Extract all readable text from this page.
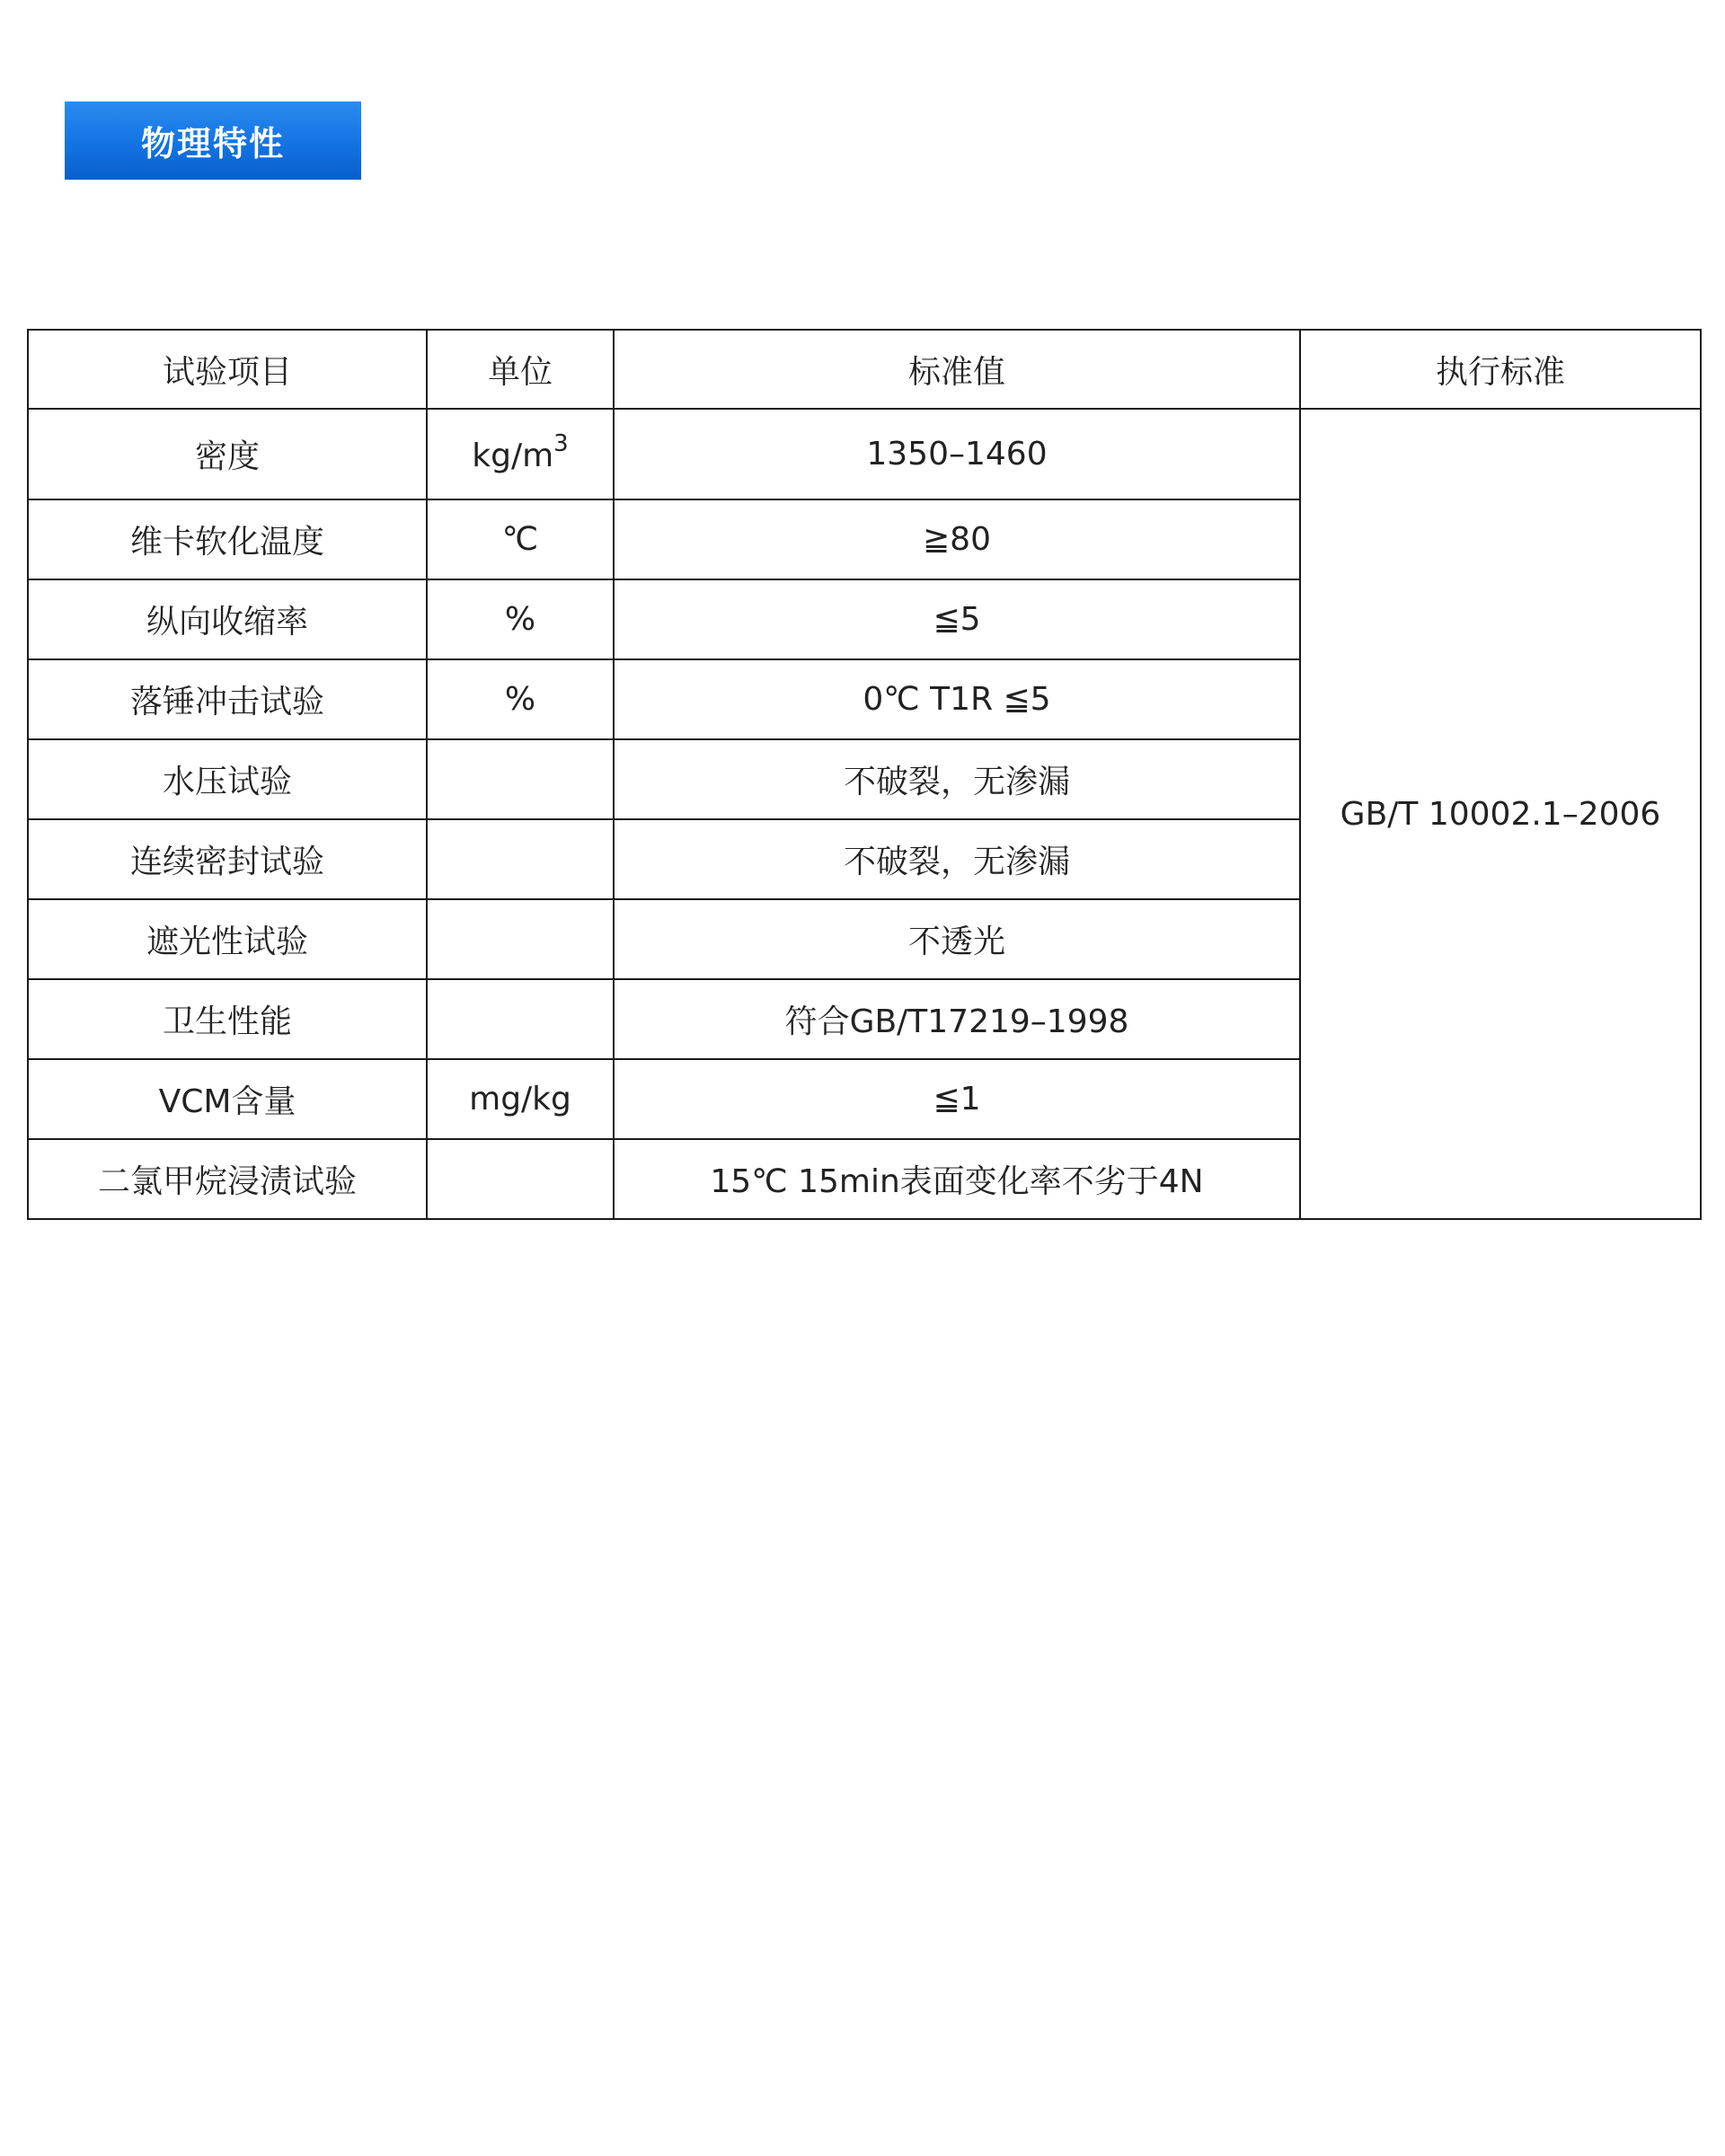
物理特性
试验项目	单位	标准值	执行标准
密度	$kg/m^3$	1350–1460	GB/T 10002.1–2006
维卡软化温度	℃	≧80	
纵向收缩率	%	≦5	
落锤冲击试验	%	0℃ T1R ≦5	
水压试验		不破裂，无渗漏	
连续密封试验		不破裂，无渗漏	
遮光性试验		不透光	
卫生性能		符合GB/T17219–1998	
VCM含量	mg/kg	≦1	
二氯甲烷浸渍试验		15℃ 15min表面变化率不劣于4N	
